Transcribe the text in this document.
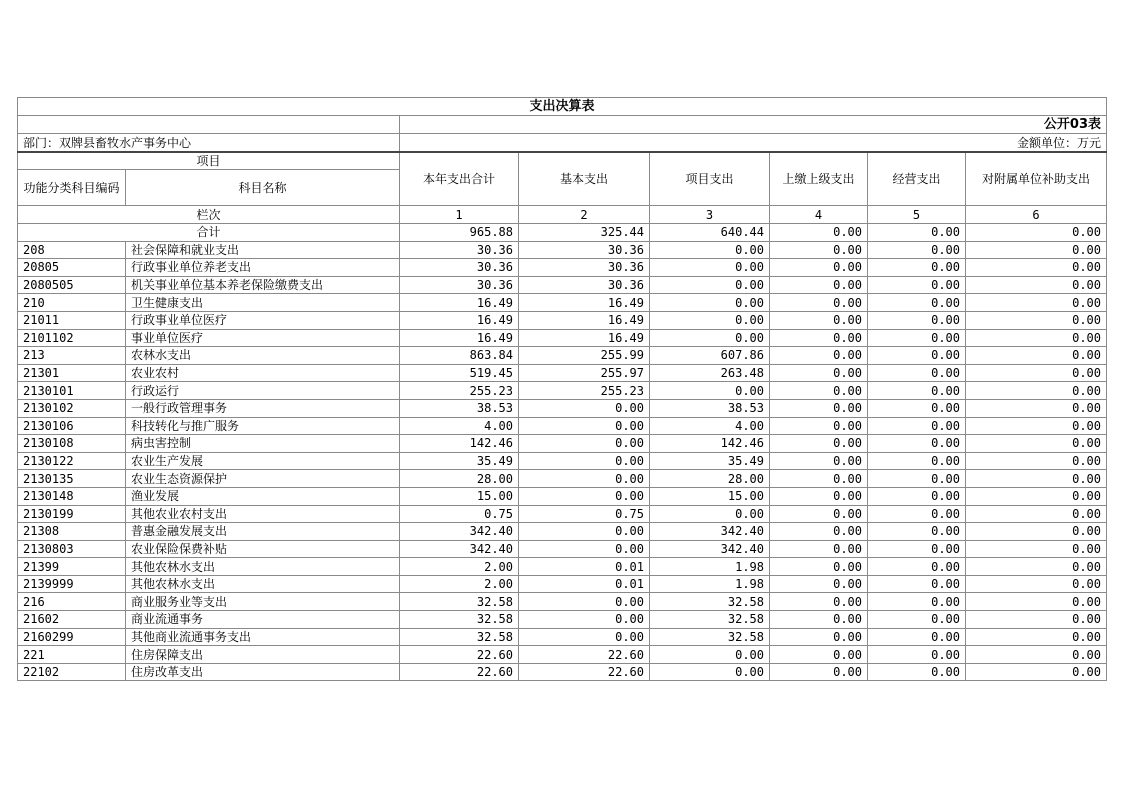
支出决算表							
		公开03表					
部门：双牌县畜牧水产事务中心		金额单位：万元					
项目		本年支出合计	基本支出	项目支出	上缴上级支出	经营支出	对附属单位补助支出
功能分类科目编码	科目名称						
栏次		1	2	3	4	5	6
合计		965.88	325.44	640.44	0.00	0.00	0.00
208	社会保障和就业支出	30.36	30.36	0.00	0.00	0.00	0.00
20805	行政事业单位养老支出	30.36	30.36	0.00	0.00	0.00	0.00
2080505	机关事业单位基本养老保险缴费支出	30.36	30.36	0.00	0.00	0.00	0.00
210	卫生健康支出	16.49	16.49	0.00	0.00	0.00	0.00
21011	行政事业单位医疗	16.49	16.49	0.00	0.00	0.00	0.00
2101102	事业单位医疗	16.49	16.49	0.00	0.00	0.00	0.00
213	农林水支出	863.84	255.99	607.86	0.00	0.00	0.00
21301	农业农村	519.45	255.97	263.48	0.00	0.00	0.00
2130101	行政运行	255.23	255.23	0.00	0.00	0.00	0.00
2130102	一般行政管理事务	38.53	0.00	38.53	0.00	0.00	0.00
2130106	科技转化与推广服务	4.00	0.00	4.00	0.00	0.00	0.00
2130108	病虫害控制	142.46	0.00	142.46	0.00	0.00	0.00
2130122	农业生产发展	35.49	0.00	35.49	0.00	0.00	0.00
2130135	农业生态资源保护	28.00	0.00	28.00	0.00	0.00	0.00
2130148	渔业发展	15.00	0.00	15.00	0.00	0.00	0.00
2130199	其他农业农村支出	0.75	0.75	0.00	0.00	0.00	0.00
21308	普惠金融发展支出	342.40	0.00	342.40	0.00	0.00	0.00
2130803	农业保险保费补贴	342.40	0.00	342.40	0.00	0.00	0.00
21399	其他农林水支出	2.00	0.01	1.98	0.00	0.00	0.00
2139999	其他农林水支出	2.00	0.01	1.98	0.00	0.00	0.00
216	商业服务业等支出	32.58	0.00	32.58	0.00	0.00	0.00
21602	商业流通事务	32.58	0.00	32.58	0.00	0.00	0.00
2160299	其他商业流通事务支出	32.58	0.00	32.58	0.00	0.00	0.00
221	住房保障支出	22.60	22.60	0.00	0.00	0.00	0.00
22102	住房改革支出	22.60	22.60	0.00	0.00	0.00	0.00
